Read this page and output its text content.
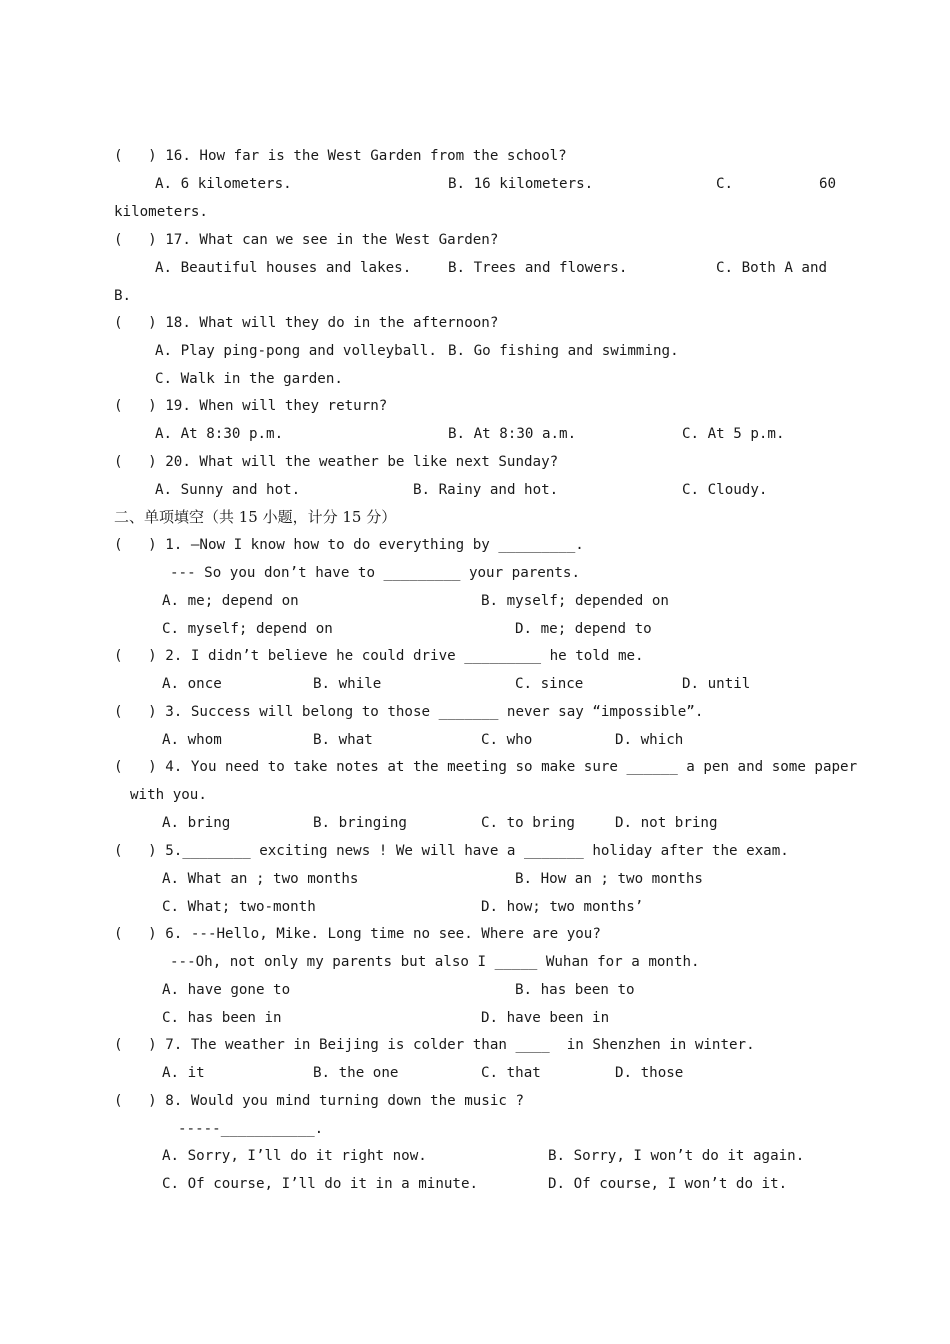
(   ) 16. How far is the West Garden from the school?
A. 6 kilometers.	B. 16 kilometers.	C.	60
kilometers.
(   ) 17. What can we see in the West Garden?
A. Beautiful houses and lakes.	B. Trees and flowers.	C. Both A and
B.
(   ) 18. What will they do in the afternoon?
A. Play ping-pong and volleyball. B. Go fishing and swimming.
C. Walk in the garden.
(   ) 19. When will they return?
A. At 8:30 p.m.	B. At 8:30 a.m.	C. At 5 p.m.
(   ) 20. What will the weather be like next Sunday?
A. Sunny and hot.	B. Rainy and hot.	C. Cloudy.
二、单项填空（共 15 小题，计分 15 分）
(   ) 1. —Now I know how to do everything by _________.
--- So you don’t have to _________ your parents.
A. me; depend on	B. myself; depended on
C. myself; depend on	D. me; depend to
(   ) 2. I didn’t believe he could drive _________ he told me.
A. once	B. while	C. since	D. until
(   ) 3. Success will belong to those _______ never say “impossible”.
A. whom	B. what	C. who	D. which
(   ) 4. You need to take notes at the meeting so make sure ______ a pen and some paper
with you.
A. bring	B. bringing	C. to bring	D. not bring
(   ) 5.________ exciting news ! We will have a _______ holiday after the exam.
A. What an ; two months	B. How an ; two months
C. What; two-month	D. how; two months’
(   ) 6. ---Hello, Mike. Long time no see. Where are you?
---Oh, not only my parents but also I _____ Wuhan for a month.
A. have gone to	B. has been to
C. has been in	D. have been in
(   ) 7. The weather in Beijing is colder than ____  in Shenzhen in winter.
A. it	B. the one	C. that	D. those
(   ) 8. Would you mind turning down the music ?
-----___________.
A. Sorry, I’ll do it right now.	B. Sorry, I won’t do it again.
C. Of course, I’ll do it in a minute.	D. Of course, I won’t do it.
